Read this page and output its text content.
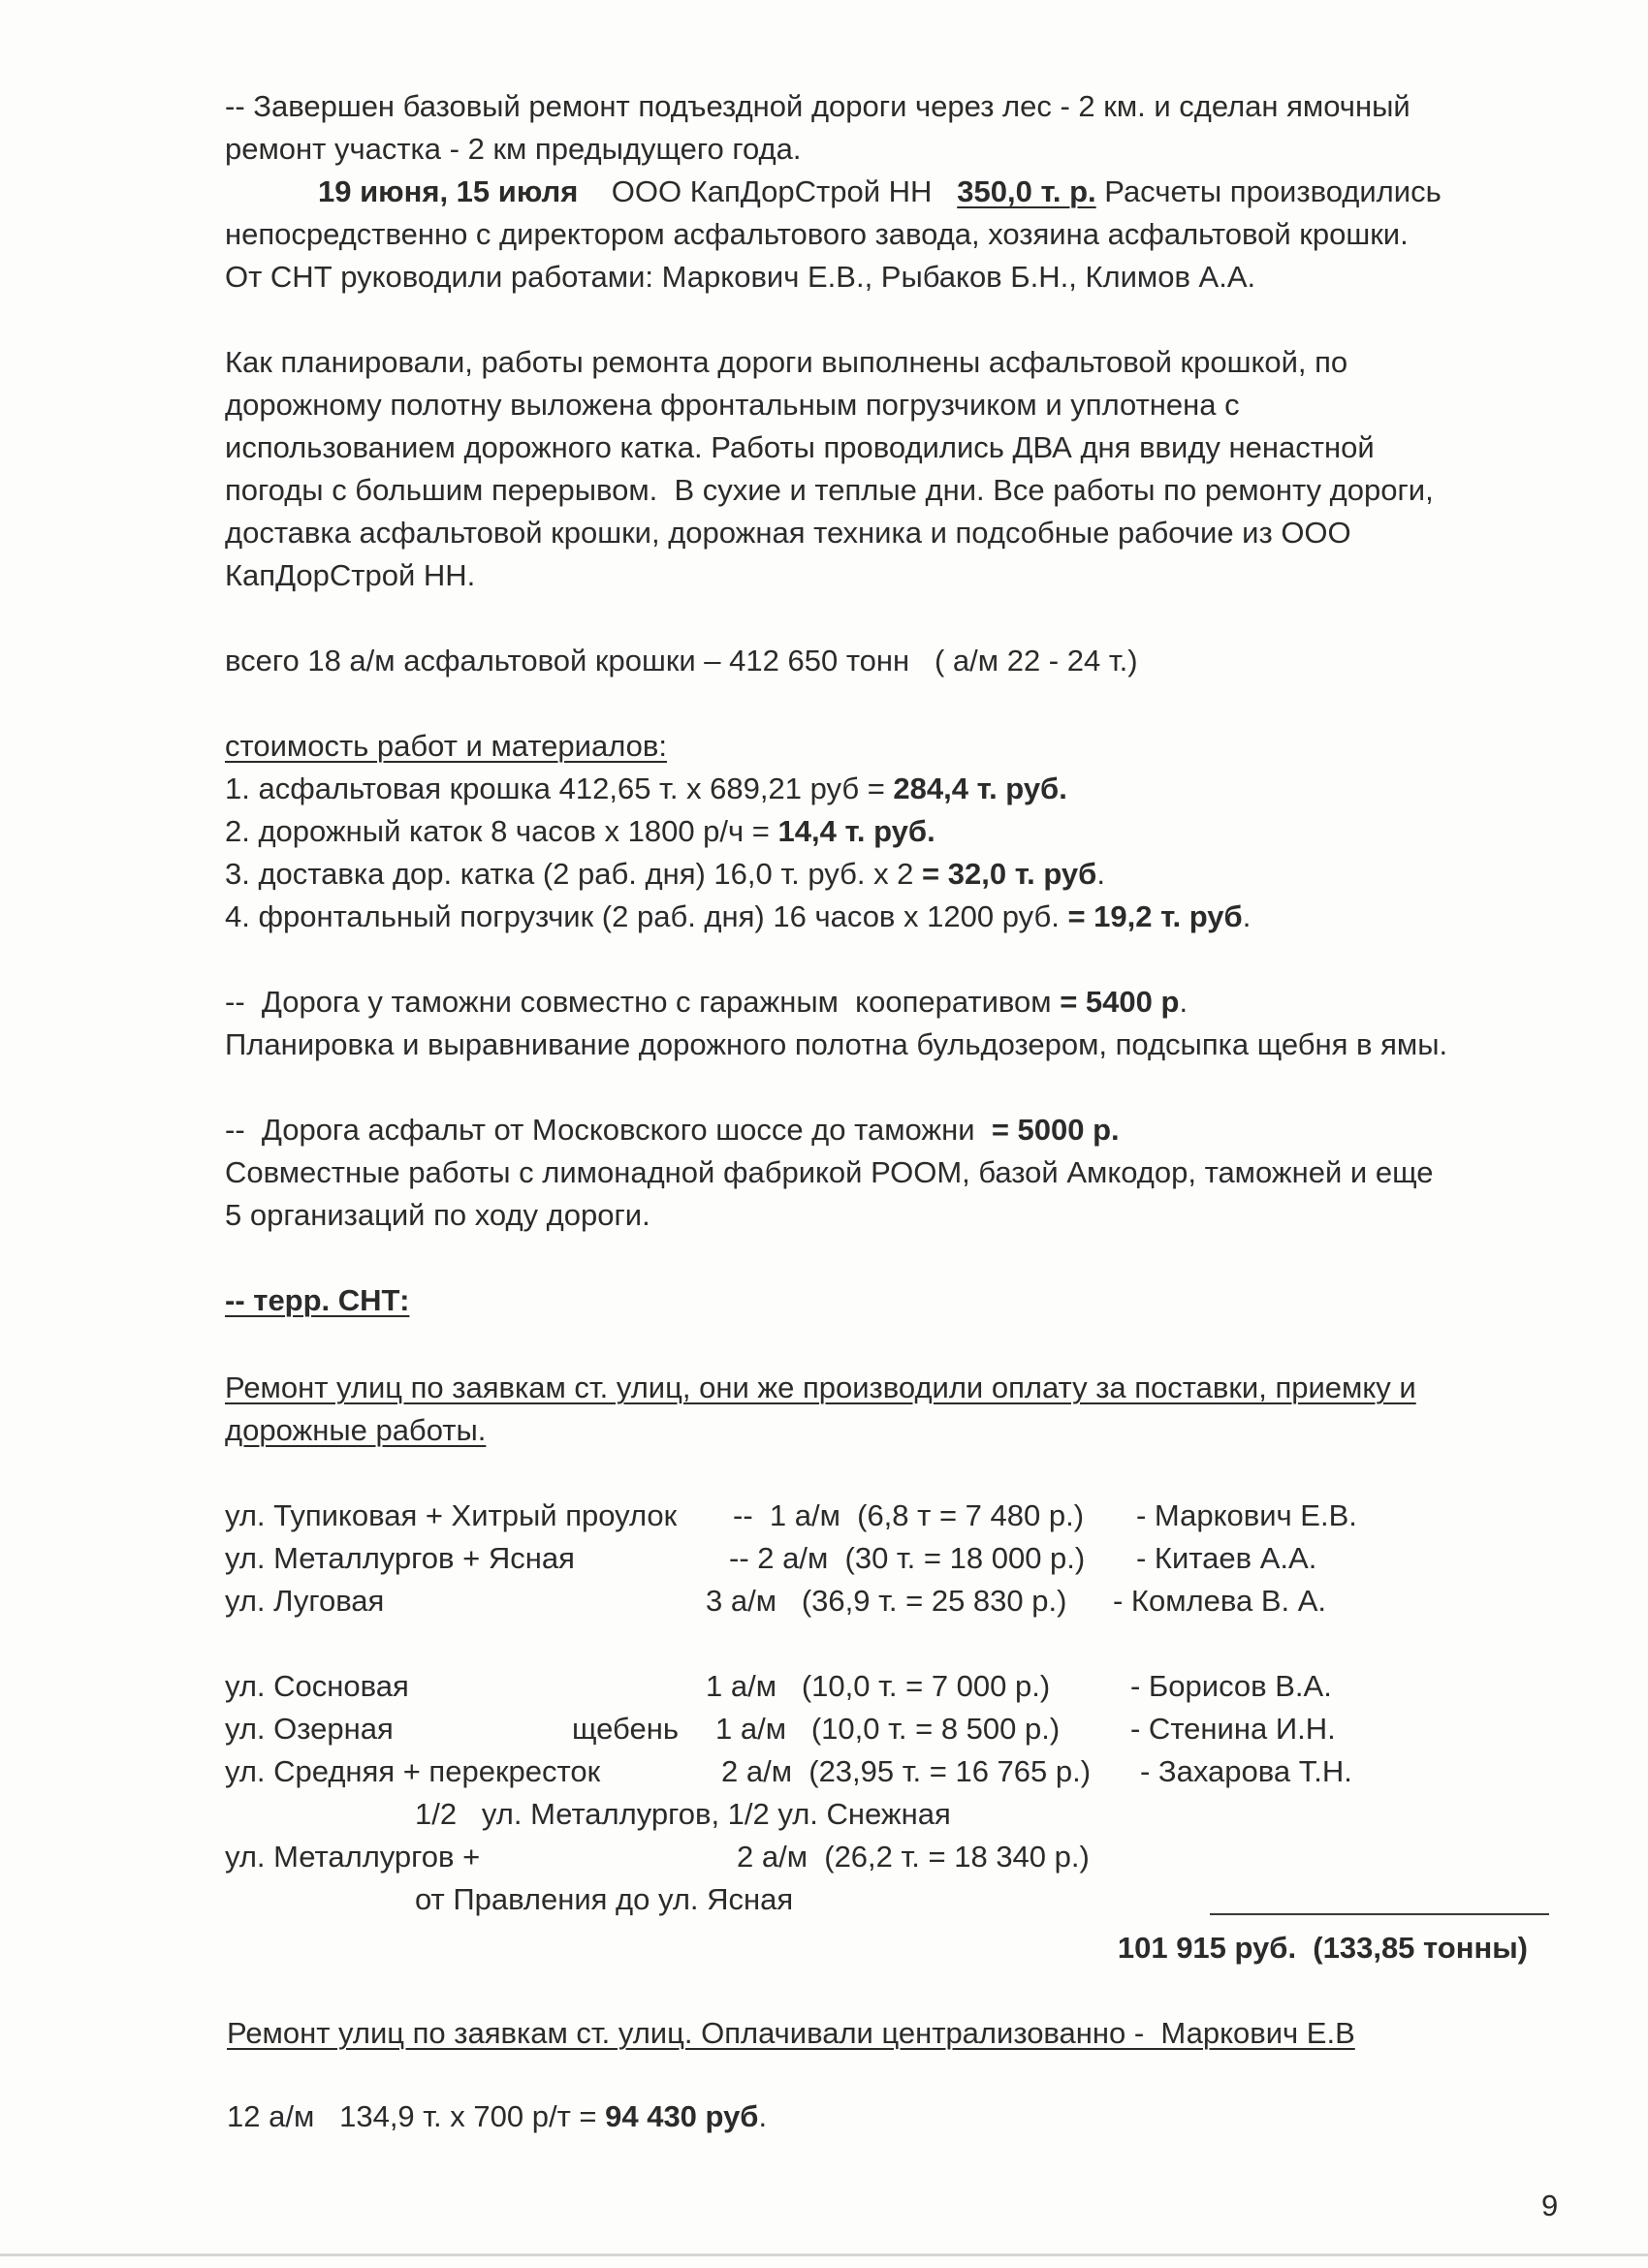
-- Завершен базовый ремонт подъездной дороги через лес - 2 км. и сделан ямочный
ремонт участка - 2 км предыдущего года.
19 июня, 15 июля ООО КапДорСтрой НН 350,0 т. р. Расчеты производились
непосредственно с директором асфальтового завода, хозяина асфальтовой крошки.
От СНТ руководили работами: Маркович Е.В., Рыбаков Б.Н., Климов А.А.
Как планировали, работы ремонта дороги выполнены асфальтовой крошкой, по
дорожному полотну выложена фронтальным погрузчиком и уплотнена с
использованием дорожного катка. Работы проводились ДВА дня ввиду ненастной
погоды с большим перерывом.  В сухие и теплые дни. Все работы по ремонту дороги,
доставка асфальтовой крошки, дорожная техника и подсобные рабочие из ООО
КапДорСтрой НН.
всего 18 а/м асфальтовой крошки – 412 650 тонн   ( а/м 22 - 24 т.)
стоимость работ и материалов:
1. асфальтовая крошка 412,65 т. х 689,21 руб = 284,4 т. руб.
2. дорожный каток 8 часов х 1800 р/ч = 14,4 т. руб.
3. доставка дор. катка (2 раб. дня) 16,0 т. руб. х 2 = 32,0 т. руб.
4. фронтальный погрузчик (2 раб. дня) 16 часов х 1200 руб. = 19,2 т. руб.
--  Дорога у таможни совместно с гаражным  кооперативом = 5400 р.
Планировка и выравнивание дорожного полотна бульдозером, подсыпка щебня в ямы.
--  Дорога асфальт от Московского шоссе до таможни  = 5000 р.
Совместные работы с лимонадной фабрикой РООМ, базой Амкодор, таможней и еще
5 организаций по ходу дороги.
-- терр. СНТ:
Ремонт улиц по заявкам ст. улиц, они же производили оплату за поставки, приемку и
дорожные работы.
ул. Тупиковая + Хитрый проулок --  1 а/м  (6,8 т = 7 480 р.) - Маркович Е.В.
ул. Металлургов + Ясная	-- 2 а/м  (30 т. = 18 000 р.) - Китаев А.А.
ул. Луговая	3 а/м   (36,9 т. = 25 830 р.) - Комлева В. А.
ул. Сосновая	1 а/м   (10,0 т. = 7 000 р.)	- Борисов В.А.
ул. Озерная	щебень 1 а/м   (10,0 т. = 8 500 р.) - Стенина И.Н.
ул. Средняя + перекресток	2 а/м  (23,95 т. = 16 765 р.) - Захарова Т.Н.
1/2   ул. Металлургов, 1/2 ул. Снежная
ул. Металлургов +	2 а/м  (26,2 т. = 18 340 р.)
от Правления до ул. Ясная
101 915 руб.  (133,85 тонны)
Ремонт улиц по заявкам ст. улиц. Оплачивали централизованно -  Маркович Е.В
12 а/м   134,9 т. х 700 р/т = 94 430 руб.
9
